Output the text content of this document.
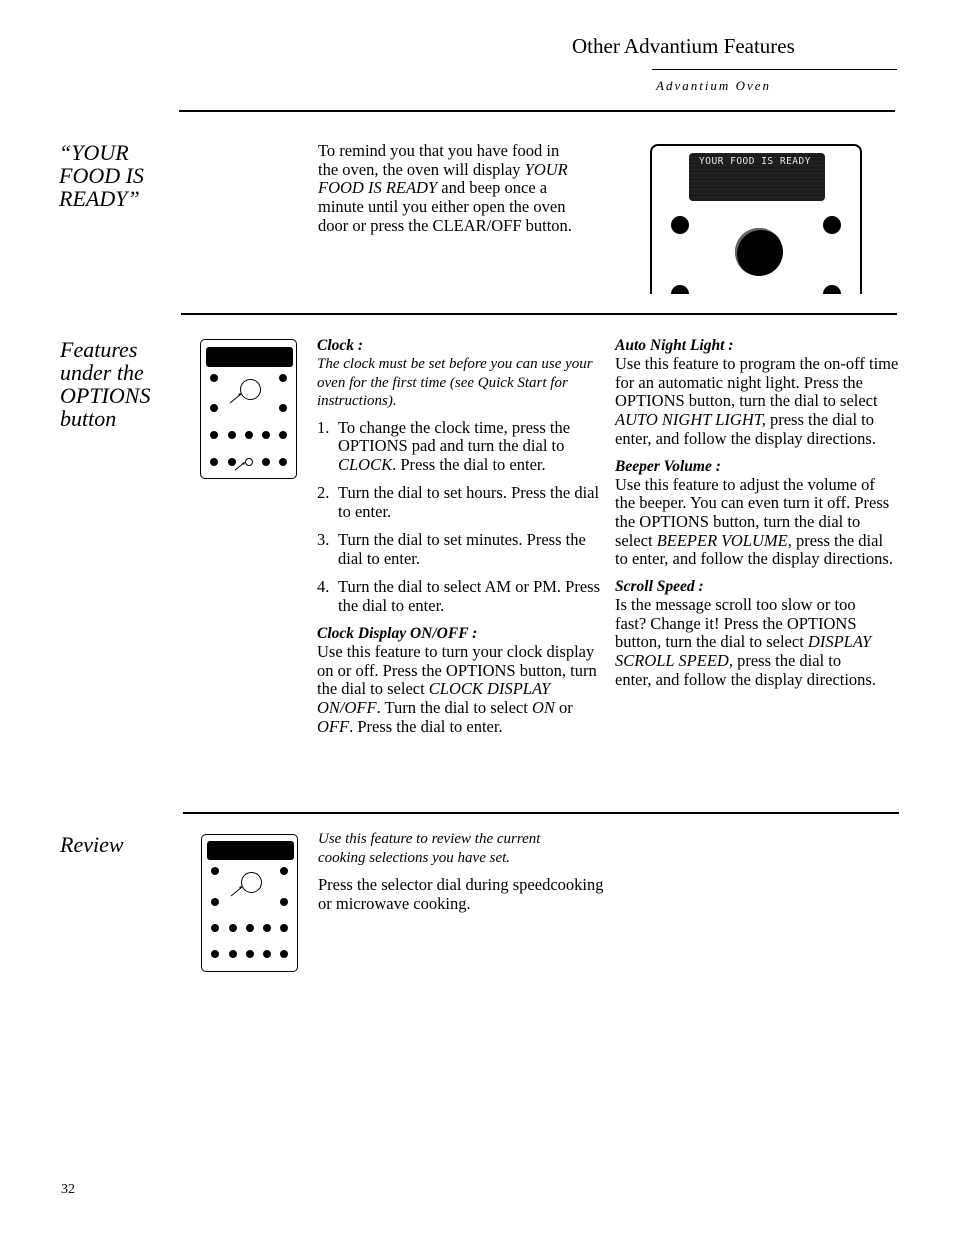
Other Advantium Features
Advantium Oven
“YOUR
FOOD IS
READY”
To remind you that you have food in the oven, the oven will display YOUR FOOD IS READY and beep once a minute until you either open the oven door or press the CLEAR/OFF button.
YOUR FOOD IS READY
Features
under the
OPTIONS
button
Clock :
The clock must be set before you can use your oven for the first time (see Quick Start for instructions).
1. To change the clock time, press the OPTIONS pad and turn the dial to CLOCK. Press the dial to enter.
2. Turn the dial to set hours. Press the dial to enter.
3. Turn the dial to set minutes. Press the dial to enter.
4. Turn the dial to select AM or PM. Press the dial to enter.
Clock Display ON/OFF :
Use this feature to turn your clock display on or off. Press the OPTIONS button, turn the dial to select CLOCK DISPLAY ON/OFF. Turn the dial to select ON or OFF. Press the dial to enter.
Auto Night Light :
Use this feature to program the on-off time for an automatic night light. Press the OPTIONS button, turn the dial to select AUTO NIGHT LIGHT, press the dial to enter, and follow the display directions.
Beeper Volume :
Use this feature to adjust the volume of the beeper. You can even turn it off. Press the OPTIONS button, turn the dial to select BEEPER VOLUME, press the dial to enter, and follow the display directions.
Scroll Speed :
Is the message scroll too slow or too fast? Change it! Press the OPTIONS button, turn the dial to select DISPLAY SCROLL SPEED, press the dial to enter, and follow the display directions.
Review	Use this feature to review the current cooking selections you have set.
Press the selector dial during speedcooking or microwave cooking.
32
